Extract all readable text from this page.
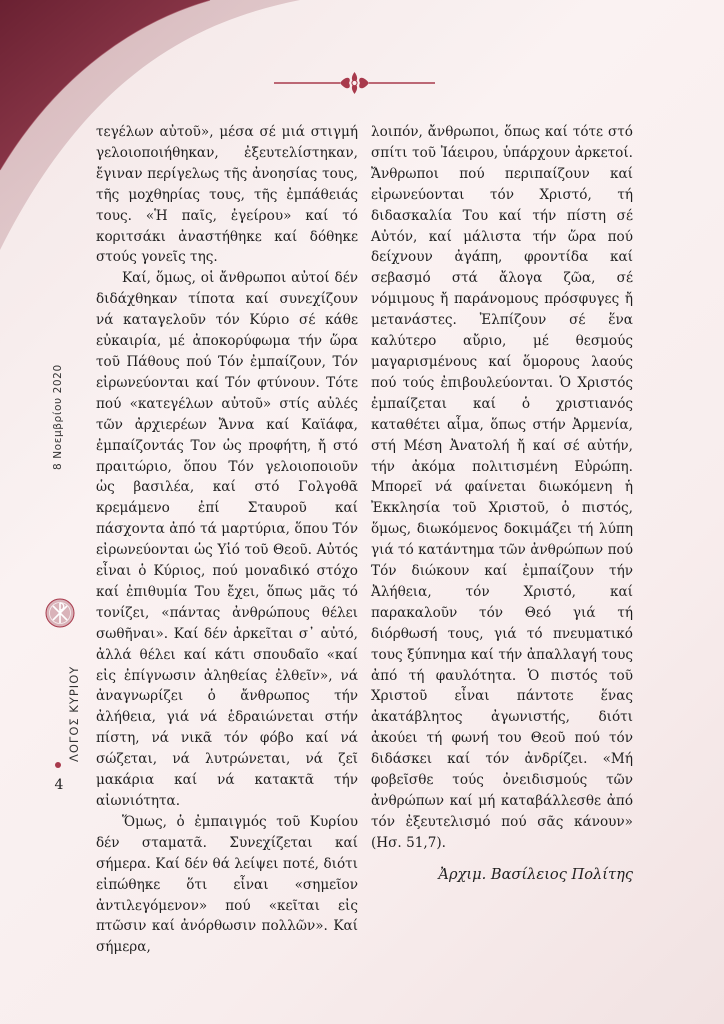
8 Νοεμβρίου 2020
ΛΟΓΟΣ ΚΥΡΙΟΥ
4

τεγέλων αὐτοῦ», μέσα σέ μιά στιγμή γελοιοποιήθηκαν, ἐξευτελίστηκαν, ἔγιναν περίγελως τῆς ἀνοησίας τους, τῆς μοχθηρίας τους, τῆς ἐμπάθειάς τους. «Ἡ παῖς, ἐγείρου» καί τό κοριτσάκι ἀναστήθηκε καί δόθηκε στούς γονεῖς της.

Καί, ὅμως, οἱ ἄνθρωποι αὐτοί δέν διδάχθηκαν τίποτα καί συνεχίζουν νά καταγελοῦν τόν Κύριο σέ κάθε εὐκαιρία, μέ ἀποκορύφωμα τήν ὥρα τοῦ Πάθους πού Τόν ἐμπαίζουν, Τόν εἰρωνεύονται καί Τόν φτύνουν. Τότε πού «κατεγέλων αὐτοῦ» στίς αὐλές τῶν ἀρχιερέων Ἄννα καί Καϊάφα, ἐμπαίζοντάς Τον ὡς προφήτη, ἤ στό πραιτώριο, ὅπου Τόν γελοιοποιοῦν ὡς βασιλέα, καί στό Γολγοθᾶ κρεμάμενο ἐπί Σταυροῦ καί πάσχοντα ἀπό τά μαρτύρια, ὅπου Τόν εἰρωνεύονται ὡς Υἱό τοῦ Θεοῦ. Αὐτός εἶναι ὁ Κύριος, πού μοναδικό στόχο καί ἐπιθυμία Του ἔχει, ὅπως μᾶς τό τονίζει, «πάντας ἀνθρώπους θέλει σωθῆναι». Καί δέν ἀρκεῖται σ᾽ αὐτό, ἀλλά θέλει καί κάτι σπουδαῖο «καί εἰς ἐπίγνωσιν ἀληθείας ἐλθεῖν», νά ἀναγνωρίζει ὁ ἄνθρωπος τήν ἀλήθεια, γιά νά ἑδραιώνεται στήν πίστη, νά νικᾶ τόν φόβο καί νά σώζεται, νά λυτρώνεται, νά ζεῖ μακάρια καί νά κατακτᾶ τήν αἰωνιότητα.

Ὅμως, ὁ ἐμπαιγμός τοῦ Κυρίου δέν σταματᾶ. Συνεχίζεται καί σήμερα. Καί δέν θά λείψει ποτέ, διότι εἰπώθηκε ὅτι εἶναι «σημεῖον ἀντιλεγόμενον» πού «κεῖται εἰς πτῶσιν καί ἀνόρθωσιν πολλῶν». Καί σήμερα,

λοιπόν, ἄνθρωποι, ὅπως καί τότε στό σπίτι τοῦ Ἰάειρου, ὑπάρχουν ἀρκετοί. Ἄνθρωποι πού περιπαίζουν καί εἰρωνεύονται τόν Χριστό, τή διδασκαλία Του καί τήν πίστη σέ Αὐτόν, καί μάλιστα τήν ὥρα πού δείχνουν ἀγάπη, φροντίδα καί σεβασμό στά ἄλογα ζῶα, σέ νόμιμους ἤ παράνομους πρόσφυγες ἤ μετανάστες. Ἐλπίζουν σέ ἕνα καλύτερο αὔριο, μέ θεσμούς μαγαρισμένους καί ὅμορους λαούς πού τούς ἐπιβουλεύονται. Ὁ Χριστός ἐμπαίζεται καί ὁ χριστιανός καταθέτει αἷμα, ὅπως στήν Ἀρμενία, στή Μέση Ἀνατολή ἤ καί σέ αὐτήν, τήν ἀκόμα πολιτισμένη Εὐρώπη. Μπορεῖ νά φαίνεται διωκόμενη ἡ Ἐκκλησία τοῦ Χριστοῦ, ὁ πιστός, ὅμως, διωκόμενος δοκιμάζει τή λύπη γιά τό κατάντημα τῶν ἀνθρώπων πού Τόν διώκουν καί ἐμπαίζουν τήν Ἀλήθεια, τόν Χριστό, καί παρακαλοῦν τόν Θεό γιά τή διόρθωσή τους, γιά τό πνευματικό τους ξύπνημα καί τήν ἀπαλλαγή τους ἀπό τή φαυλότητα. Ὁ πιστός τοῦ Χριστοῦ εἶναι πάντοτε ἕνας ἀκατάβλητος ἀγωνιστής, διότι ἀκούει τή φωνή του Θεοῦ πού τόν διδάσκει καί τόν ἀνδρίζει. «Μή φοβεῖσθε τούς ὀνειδισμούς τῶν ἀνθρώπων καί μή καταβάλλεσθε ἀπό τόν ἐξευτελισμό πού σᾶς κάνουν» (Ησ. 51,7).

Ἀρχιμ. Βασίλειος Πολίτης
